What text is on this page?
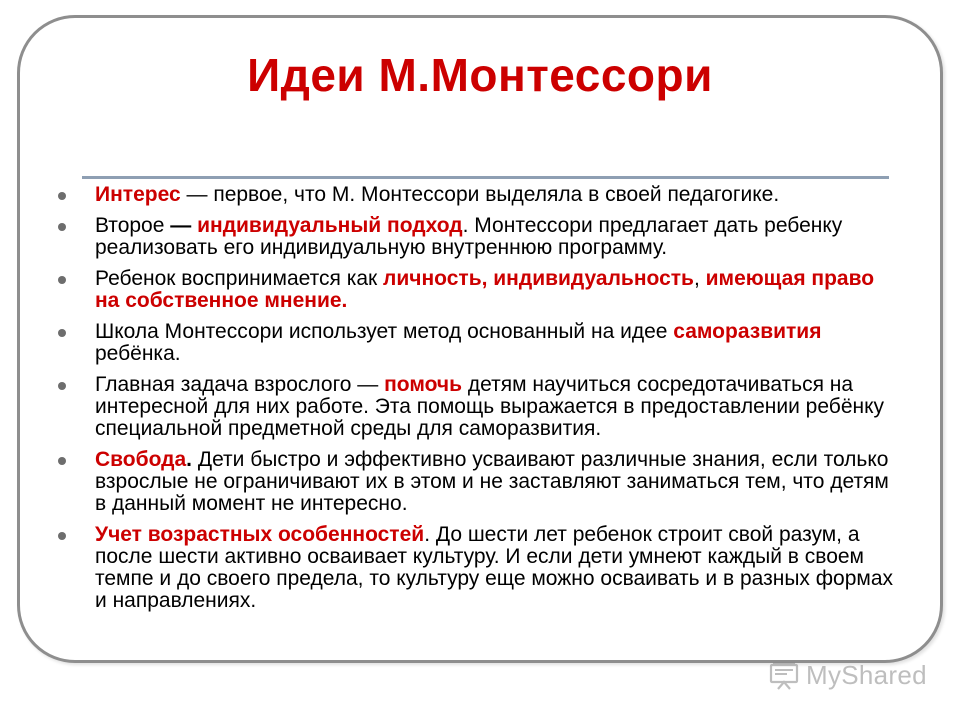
Идеи М.Монтессори
Интерес — первое, что М. Монтессори выделяла в своей педагогике.
Второе — индивидуальный подход. Монтессори предлагает дать ребенку реализовать его индивидуальную внутреннюю программу.
Ребенок воспринимается как личность, индивидуальность, имеющая право на собственное мнение.
Школа Монтессори использует метод основанный на идее саморазвития ребёнка.
Главная задача взрослого — помочь детям научиться сосредотачиваться на интересной для них работе. Эта помощь выражается в предоставлении ребёнку специальной предметной среды для саморазвития.
Свобода. Дети быстро и эффективно усваивают различные знания, если только взрослые не ограничивают их в этом и не заставляют заниматься тем, что детям в данный момент не интересно.
Учет возрастных особенностей. До шести лет ребенок строит свой разум, а после шести активно осваивает культуру. И если дети умнеют каждый в своем темпе и до своего предела, то культуру еще можно осваивать и в разных формах и направлениях.
MyShared
